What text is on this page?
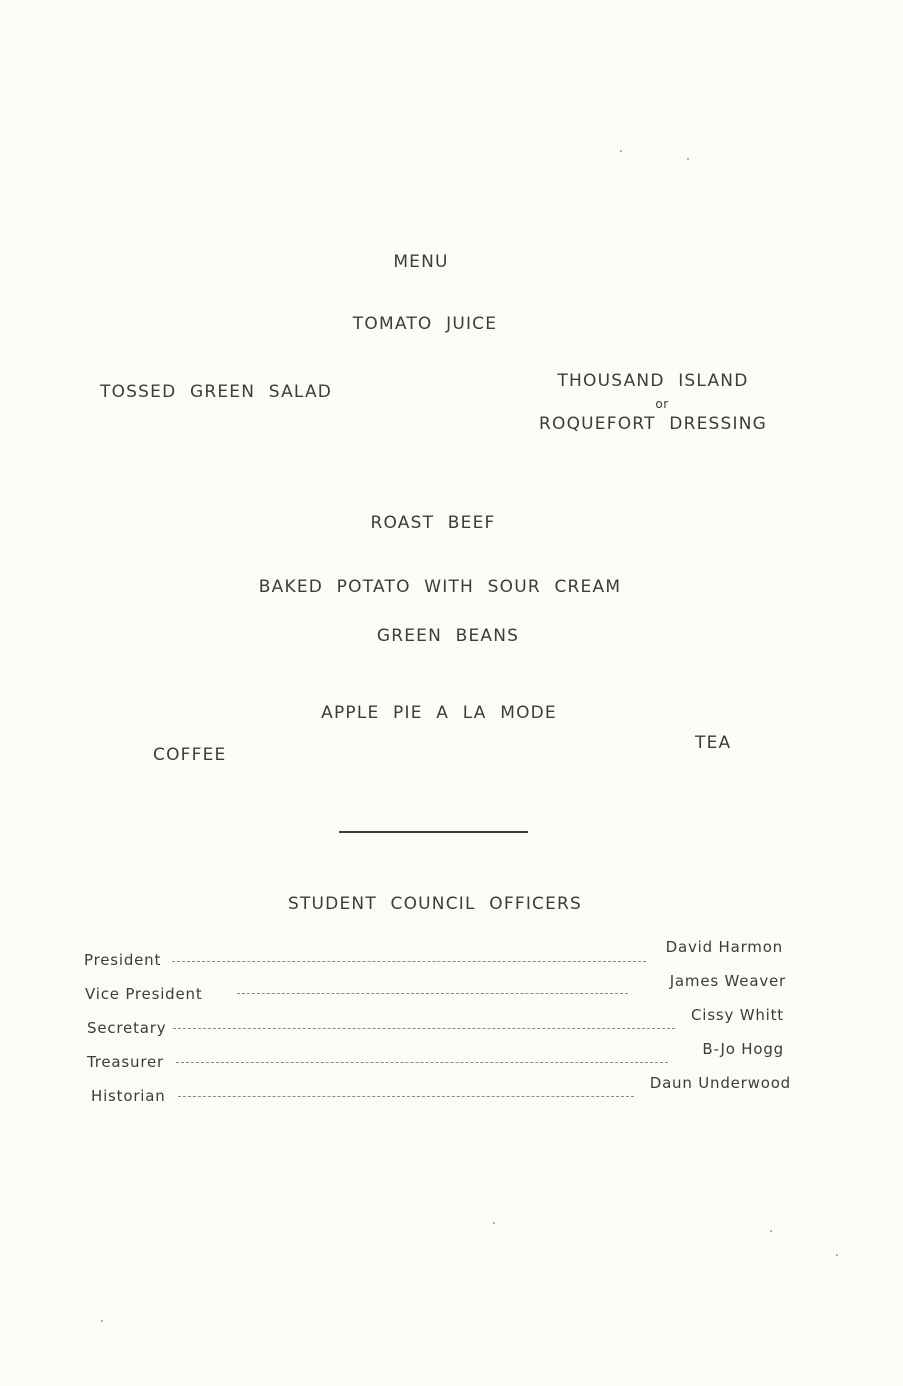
MENU

TOMATO JUICE

TOSSED GREEN SALAD

THOUSAND ISLAND

or

ROQUEFORT DRESSING

ROAST BEEF

BAKED POTATO WITH SOUR CREAM

GREEN BEANS

APPLE PIE A LA MODE

COFFEE

TEA

STUDENT COUNCIL OFFICERS

President

David Harmon

Vice President

James Weaver

Secretary

Cissy Whitt

Treasurer

B-Jo Hogg

Historian

Daun Underwood
